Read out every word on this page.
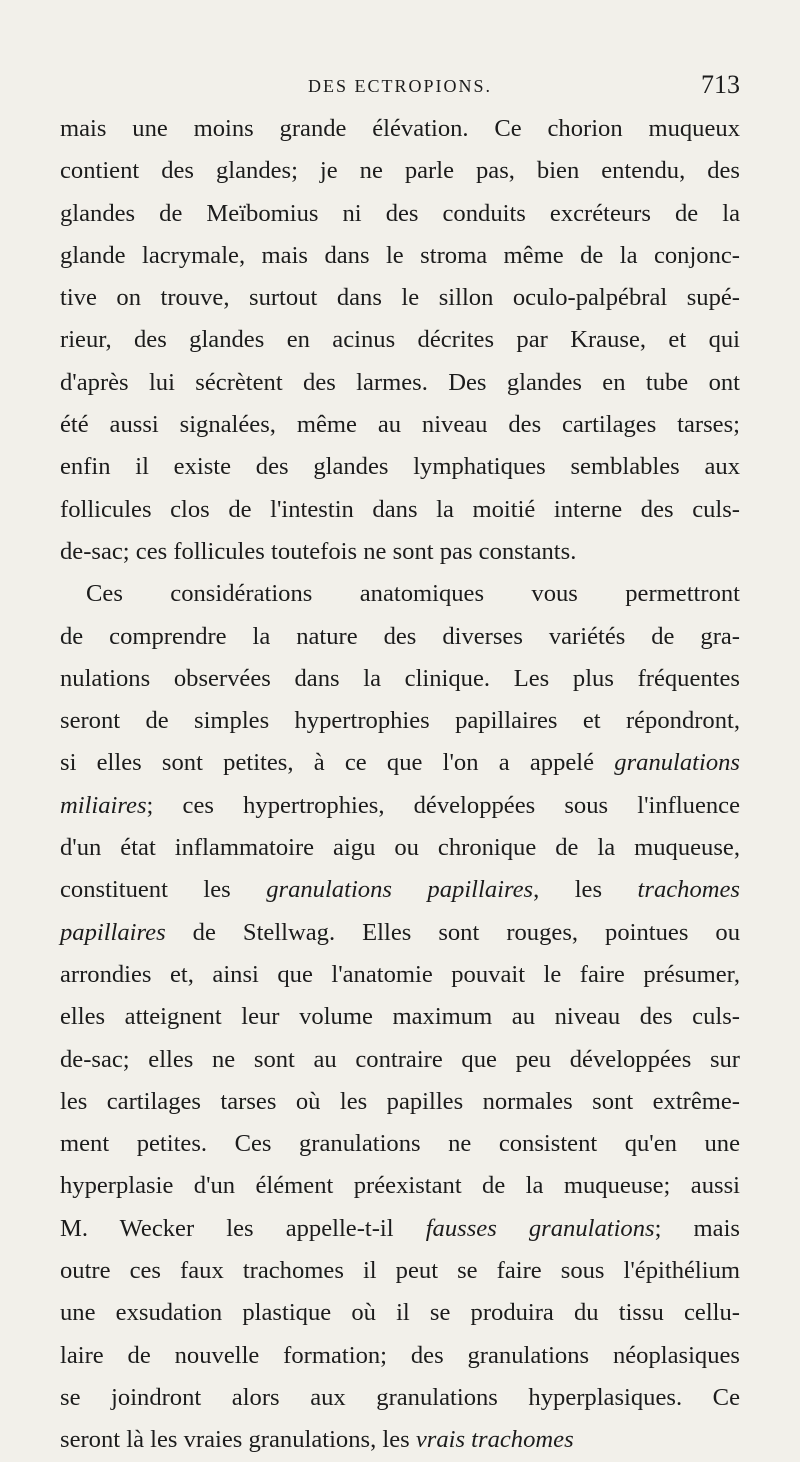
DES ECTROPIONS.	713
mais une moins grande élévation. Ce chorion muqueux
contient des glandes; je ne parle pas, bien entendu, des
glandes de Meïbomius ni des conduits excréteurs de la
glande lacrymale, mais dans le stroma même de la conjonc-
tive on trouve, surtout dans le sillon oculo-palpébral supé-
rieur, des glandes en acinus décrites par Krause, et qui
d'après lui sécrètent des larmes. Des glandes en tube ont
été aussi signalées, même au niveau des cartilages tarses;
enfin il existe des glandes lymphatiques semblables aux
follicules clos de l'intestin dans la moitié interne des culs-
de-sac; ces follicules toutefois ne sont pas constants.
Ces considérations anatomiques vous permettront
de comprendre la nature des diverses variétés de gra-
nulations observées dans la clinique. Les plus fréquentes
seront de simples hypertrophies papillaires et répondront,
si elles sont petites, à ce que l'on a appelé granulations
miliaires; ces hypertrophies, développées sous l'influence
d'un état inflammatoire aigu ou chronique de la muqueuse,
constituent les granulations papillaires, les trachomes
papillaires de Stellwag. Elles sont rouges, pointues ou
arrondies et, ainsi que l'anatomie pouvait le faire présumer,
elles atteignent leur volume maximum au niveau des culs-
de-sac; elles ne sont au contraire que peu développées sur
les cartilages tarses où les papilles normales sont extrême-
ment petites. Ces granulations ne consistent qu'en une
hyperplasie d'un élément préexistant de la muqueuse; aussi
M. Wecker les appelle-t-il fausses granulations; mais
outre ces faux trachomes il peut se faire sous l'épithélium
une exsudation plastique où il se produira du tissu cellu-
laire de nouvelle formation; des granulations néoplasiques
se joindront alors aux granulations hyperplasiques. Ce
seront là les vraies granulations, les vrais trachomes
